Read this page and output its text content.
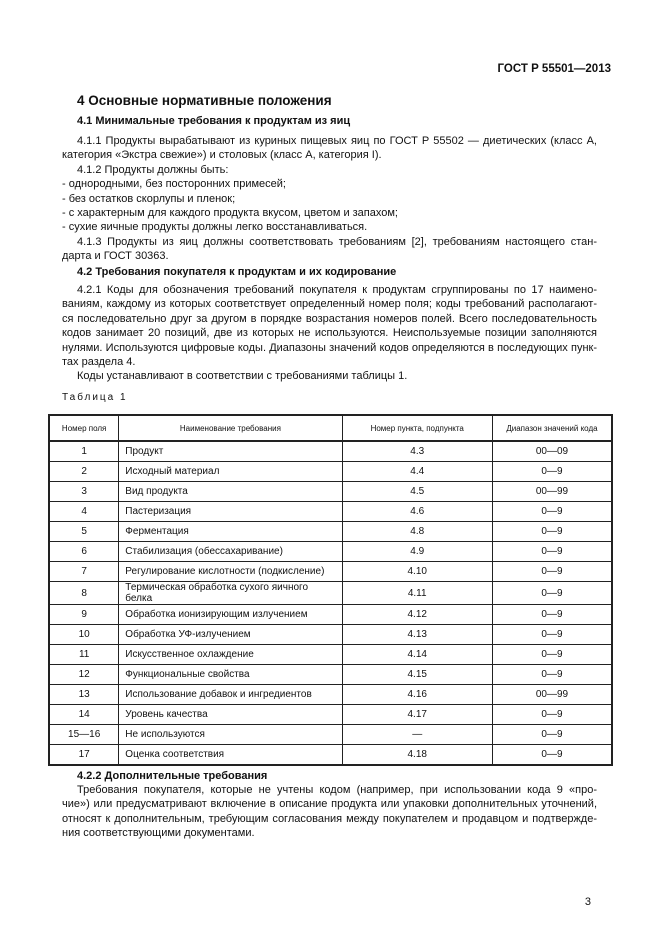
ГОСТ Р 55501—2013
4 Основные нормативные положения
4.1 Минимальные требования к продуктам из яиц
4.1.1 Продукты вырабатывают из куриных пищевых яиц по ГОСТ Р 55502 — диетических (класс А,
категория «Экстра свежие») и столовых (класс А, категория I).
4.1.2 Продукты должны быть:
- однородными, без посторонних примесей;
- без остатков скорлупы и пленок;
- с характерным для каждого продукта вкусом, цветом и запахом;
- сухие яичные продукты должны легко восстанавливаться.
4.1.3 Продукты из яиц должны соответствовать требованиям [2], требованиям настоящего стан-
дарта и ГОСТ 30363.
4.2 Требования покупателя к продуктам и их кодирование
4.2.1 Коды для обозначения требований покупателя к продуктам сгруппированы по 17 наимено-
ваниям, каждому из которых соответствует определенный номер поля; коды требований располагают-
ся последовательно друг за другом в порядке возрастания номеров полей. Всего последовательность
кодов занимает 20 позиций, две из которых не используются. Неиспользуемые позиции заполняются
нулями. Используются цифровые коды. Диапазоны значений кодов определяются в последующих пунк-
тах раздела 4.
Коды устанавливают в соответствии с требованиями таблицы 1.
Таблица 1
Номер поля	Наименование требования	Номер пункта, подпункта	Диапазон значений кода
1	Продукт	4.3	00—09
2	Исходный материал	4.4	0—9
3	Вид продукта	4.5	00—99
4	Пастеризация	4.6	0—9
5	Ферментация	4.8	0—9
6	Стабилизация (обессахаривание)	4.9	0—9
7	Регулирование кислотности (подкисление)	4.10	0—9
8	Термическая обработка сухого яичного белка	4.11	0—9
9	Обработка ионизирующим излучением	4.12	0—9
10	Обработка УФ-излучением	4.13	0—9
11	Искусственное охлаждение	4.14	0—9
12	Функциональные свойства	4.15	0—9
13	Использование добавок и ингредиентов	4.16	00—99
14	Уровень качества	4.17	0—9
15—16	Не используются	—	0—9
17	Оценка соответствия	4.18	0—9
4.2.2 Дополнительные требования
Требования покупателя, которые не учтены кодом (например, при использовании кода 9 «про-
чие») или предусматривают включение в описание продукта или упаковки дополнительных уточнений,
относят к дополнительным, требующим согласования между покупателем и продавцом и подтвержде-
ния соответствующими документами.
3
